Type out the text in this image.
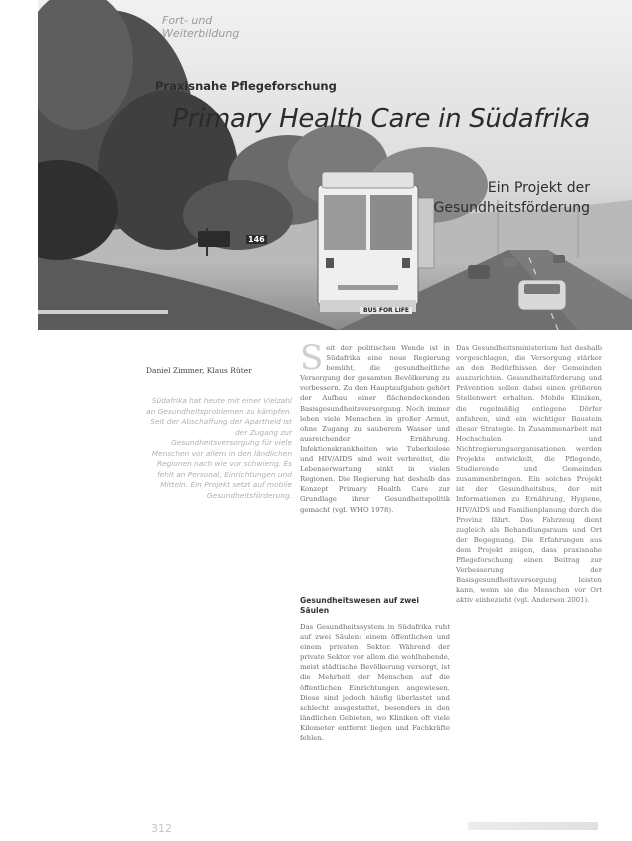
146
BUS FOR LIFE
Fort- und
Weiterbildung
Praxisnahe Pflegeforschung
Primary Health Care in Südafrika
Ein Projekt der
Gesundheitsförderung
Daniel Zimmer, Klaus Rüter

Südafrika hat heute mit einer Vielzahl an Gesundheitsproblemen zu kämpfen. Seit der Abschaffung der Apartheid ist der Zugang zur Gesundheitsversorgung für viele Menschen vor allem in den ländlichen Regionen nach wie vor schwierig. Es fehlt an Personal, Einrichtungen und Mitteln. Ein Projekt setzt auf mobile Gesundheitsförderung.

Seit der politischen Wende ist in Südafrika eine neue Regierung bemüht, die gesundheitliche Versorgung der gesamten Bevölkerung zu verbessern. Zu den Hauptaufgaben gehört der Aufbau einer flächendeckenden Basisgesundheitsversorgung. Noch immer leben viele Menschen in großer Armut, ohne Zugang zu sauberem Wasser und ausreichender Ernährung. Infektionskrankheiten wie Tuberkulose und HIV/AIDS sind weit verbreitet, die Lebenserwartung sinkt in vielen Regionen. Die Regierung hat deshalb das Konzept Primary Health Care zur Grundlage ihrer Gesundheitspolitik gemacht (vgl. WHO 1978).

Gesundheitswesen auf zwei Säulen

Das Gesundheitssystem in Südafrika ruht auf zwei Säulen: einem öffentlichen und einem privaten Sektor. Während der private Sektor vor allem die wohlhabende, meist städtische Bevölkerung versorgt, ist die Mehrheit der Menschen auf die öffentlichen Einrichtungen angewiesen. Diese sind jedoch häufig überlastet und schlecht ausgestattet, besonders in den ländlichen Gebieten, wo Kliniken oft viele Kilometer entfernt liegen und Fachkräfte fehlen.

Das Gesundheitsministerium hat deshalb vorgeschlagen, die Versorgung stärker an den Bedürfnissen der Gemeinden auszurichten. Gesundheitsförderung und Prävention sollen dabei einen größeren Stellenwert erhalten. Mobile Kliniken, die regelmäßig entlegene Dörfer anfahren, sind ein wichtiger Baustein dieser Strategie. In Zusammenarbeit mit Hochschulen und Nichtregierungsorganisationen werden Projekte entwickelt, die Pflegende, Studierende und Gemeinden zusammenbringen. Ein solches Projekt ist der Gesundheitsbus, der mit Informationen zu Ernährung, Hygiene, HIV/AIDS und Familienplanung durch die Provinz fährt. Das Fahrzeug dient zugleich als Behandlungsraum und Ort der Begegnung. Die Erfahrungen aus dem Projekt zeigen, dass praxisnahe Pflegeforschung einen Beitrag zur Verbesserung der Basisgesundheitsversorgung leisten kann, wenn sie die Menschen vor Ort aktiv einbezieht (vgl. Anderson 2001).

312
